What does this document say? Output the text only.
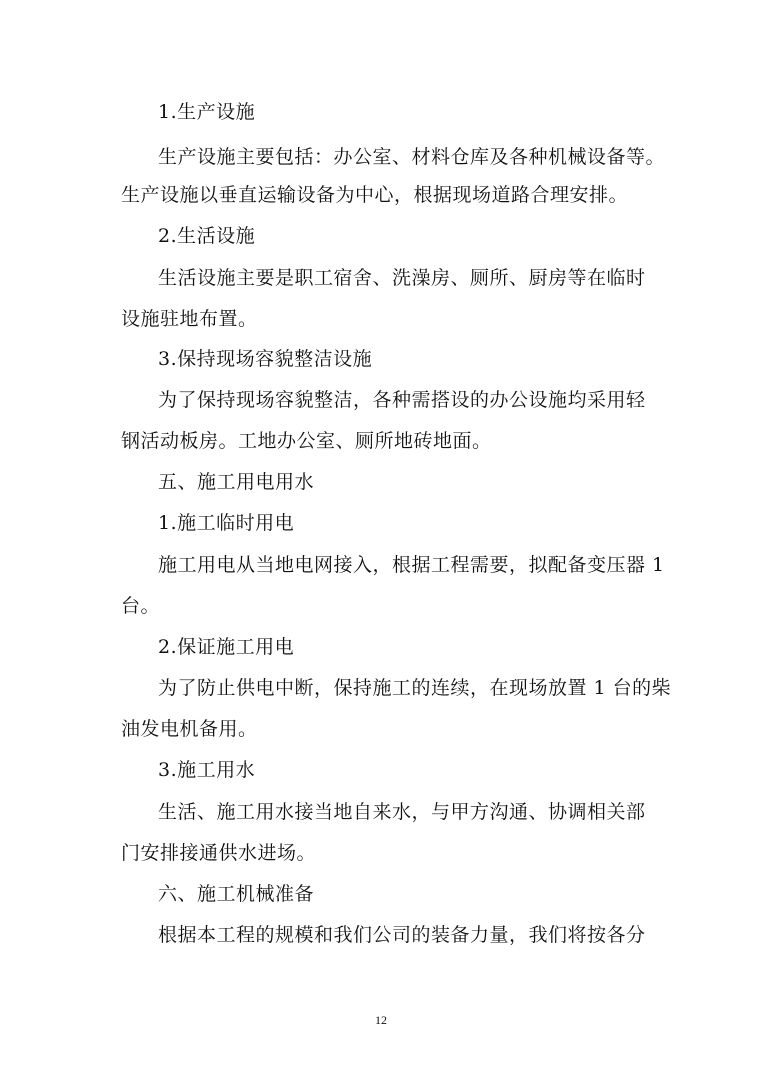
1.生产设施
生产设施主要包括：办公室、材料仓库及各种机械设备等。
生产设施以垂直运输设备为中心，根据现场道路合理安排。
2.生活设施
生活设施主要是职工宿舍、洗澡房、厕所、厨房等在临时
设施驻地布置。
3.保持现场容貌整洁设施
为了保持现场容貌整洁，各种需搭设的办公设施均采用轻
钢活动板房。工地办公室、厕所地砖地面。
五、施工用电用水
1.施工临时用电
施工用电从当地电网接入，根据工程需要，拟配备变压器 1
台。
2.保证施工用电
为了防止供电中断，保持施工的连续，在现场放置 1 台的柴
油发电机备用。
3.施工用水
生活、施工用水接当地自来水，与甲方沟通、协调相关部
门安排接通供水进场。
六、施工机械准备
根据本工程的规模和我们公司的装备力量，我们将按各分
12
